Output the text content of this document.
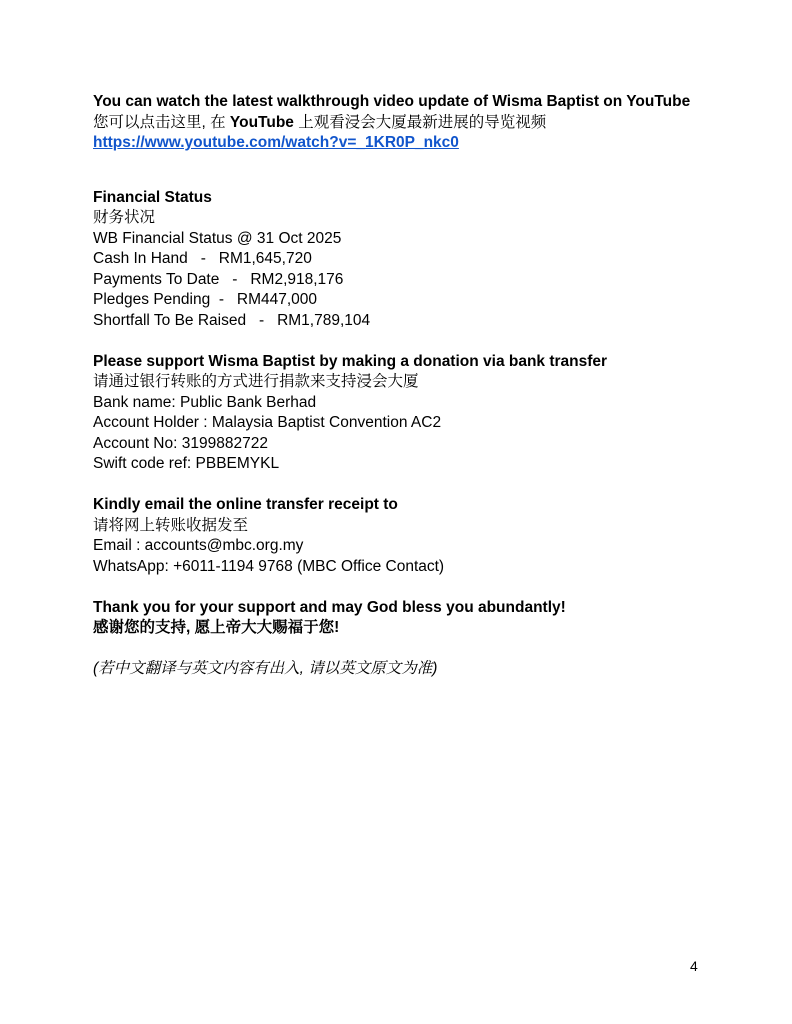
You can watch the latest walkthrough video update of Wisma Baptist on YouTube
您可以点击这里, 在 YouTube 上观看浸会大厦最新进展的导览视频
https://www.youtube.com/watch?v=_1KR0P_nkc0
Financial Status
财务状况
WB Financial Status @ 31 Oct 2025
Cash In Hand   -   RM1,645,720
Payments To Date   -   RM2,918,176
Pledges Pending  -   RM447,000
Shortfall To Be Raised   -   RM1,789,104
Please support Wisma Baptist by making a donation via bank transfer
请通过银行转账的方式进行捐款来支持浸会大厦
Bank name: Public Bank Berhad
Account Holder : Malaysia Baptist Convention AC2
Account No: 3199882722
Swift code ref: PBBEMYKL
Kindly email the online transfer receipt to
请将网上转账收据发至
Email : accounts@mbc.org.my
WhatsApp: +6011-1194 9768 (MBC Office Contact)
Thank you for your support and may God bless you abundantly!
感谢您的支持, 愿上帝大大赐福于您!
(若中文翻译与英文内容有出入, 请以英文原文为准)
4
